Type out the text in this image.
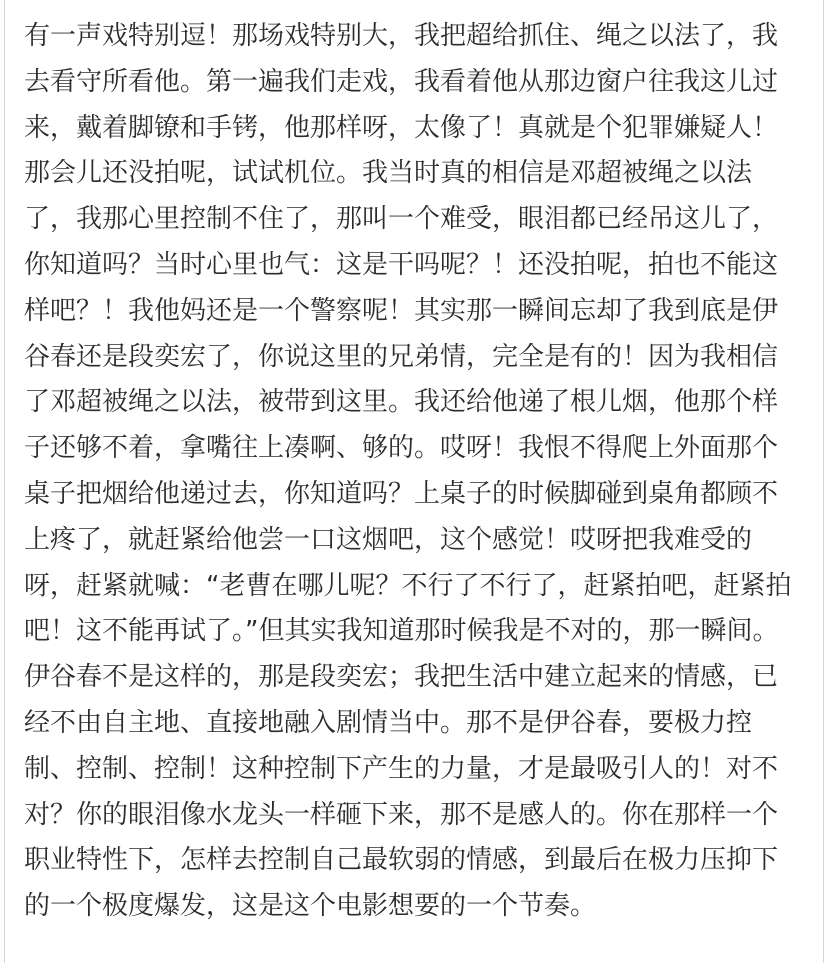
有一声戏特别逗！那场戏特别大，我把超给抓住、绳之以法了，我
去看守所看他。第一遍我们走戏，我看着他从那边窗户往我这儿过
来，戴着脚镣和手铐，他那样呀，太像了！真就是个犯罪嫌疑人！
那会儿还没拍呢，试试机位。我当时真的相信是邓超被绳之以法
了，我那心里控制不住了，那叫一个难受，眼泪都已经吊这儿了，
你知道吗？当时心里也气：这是干吗呢？！还没拍呢，拍也不能这
样吧？！我他妈还是一个警察呢！其实那一瞬间忘却了我到底是伊
谷春还是段奕宏了，你说这里的兄弟情，完全是有的！因为我相信
了邓超被绳之以法，被带到这里。我还给他递了根儿烟，他那个样
子还够不着，拿嘴往上凑啊、够的。哎呀！我恨不得爬上外面那个
桌子把烟给他递过去，你知道吗？上桌子的时候脚碰到桌角都顾不
上疼了，就赶紧给他尝一口这烟吧，这个感觉！哎呀把我难受的
呀，赶紧就喊：“老曹在哪儿呢？不行了不行了，赶紧拍吧，赶紧拍
吧！这不能再试了。”但其实我知道那时候我是不对的，那一瞬间。
伊谷春不是这样的，那是段奕宏；我把生活中建立起来的情感，已
经不由自主地、直接地融入剧情当中。那不是伊谷春，要极力控
制、控制、控制！这种控制下产生的力量，才是最吸引人的！对不
对？你的眼泪像水龙头一样砸下来，那不是感人的。你在那样一个
职业特性下，怎样去控制自己最软弱的情感，到最后在极力压抑下
的一个极度爆发，这是这个电影想要的一个节奏。
